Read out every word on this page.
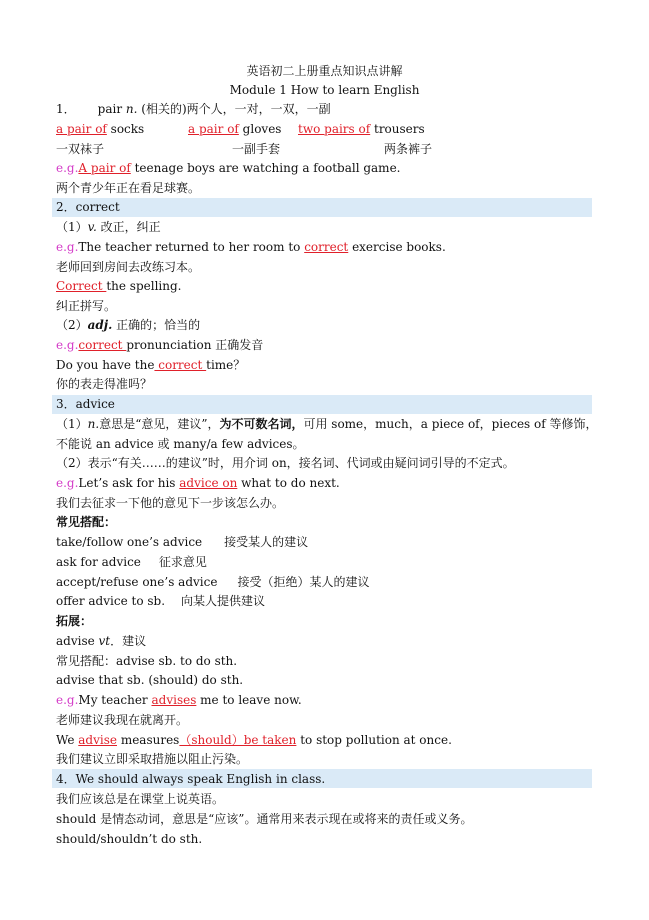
英语初二上册重点知识点讲解
Module 1 How to learn English
1． pair n. (相关的)两个人，一对，一双，一副
a pair of socks	a pair of gloves two pairs of trousers
一双袜子	一副手套	两条裤子
e.g.A pair of teenage boys are watching a football game.
两个青少年正在看足球赛。
2．correct
（1）v. 改正，纠正
e.g.The teacher returned to her room to correct exercise books.
老师回到房间去改练习本。
Correct the spelling.
纠正拼写。
（2）adj. 正确的；恰当的
e.g.correct pronunciation 正确发音
Do you have the correct time？
你的表走得准吗？
3．advice
（1）n.意思是“意见，建议”，为不可数名词，可用 some，much，a piece of，pieces of 等修饰，
不能说 an advice 或 many/a few advices。
（2）表示“有关……的建议”时，用介词 on，接名词、代词或由疑问词引导的不定式。
e.g.Let’s ask for his advice on what to do next.
我们去征求一下他的意见下一步该怎么办。
常见搭配：
take/follow one’s advice 接受某人的建议
ask for advice 征求意见
accept/refuse one’s advice 接受（拒绝）某人的建议
offer advice to sb. 向某人提供建议
拓展：
advise vt．建议
常见搭配：advise sb. to do sth.
advise that sb. (should) do sth.
e.g.My teacher advises me to leave now.
老师建议我现在就离开。
We advise measures（should）be taken to stop pollution at once.
我们建议立即采取措施以阻止污染。
4．We should always speak English in class.
我们应该总是在课堂上说英语。
should 是情态动词，意思是“应该”。通常用来表示现在或将来的责任或义务。
should/shouldn’t do sth.
